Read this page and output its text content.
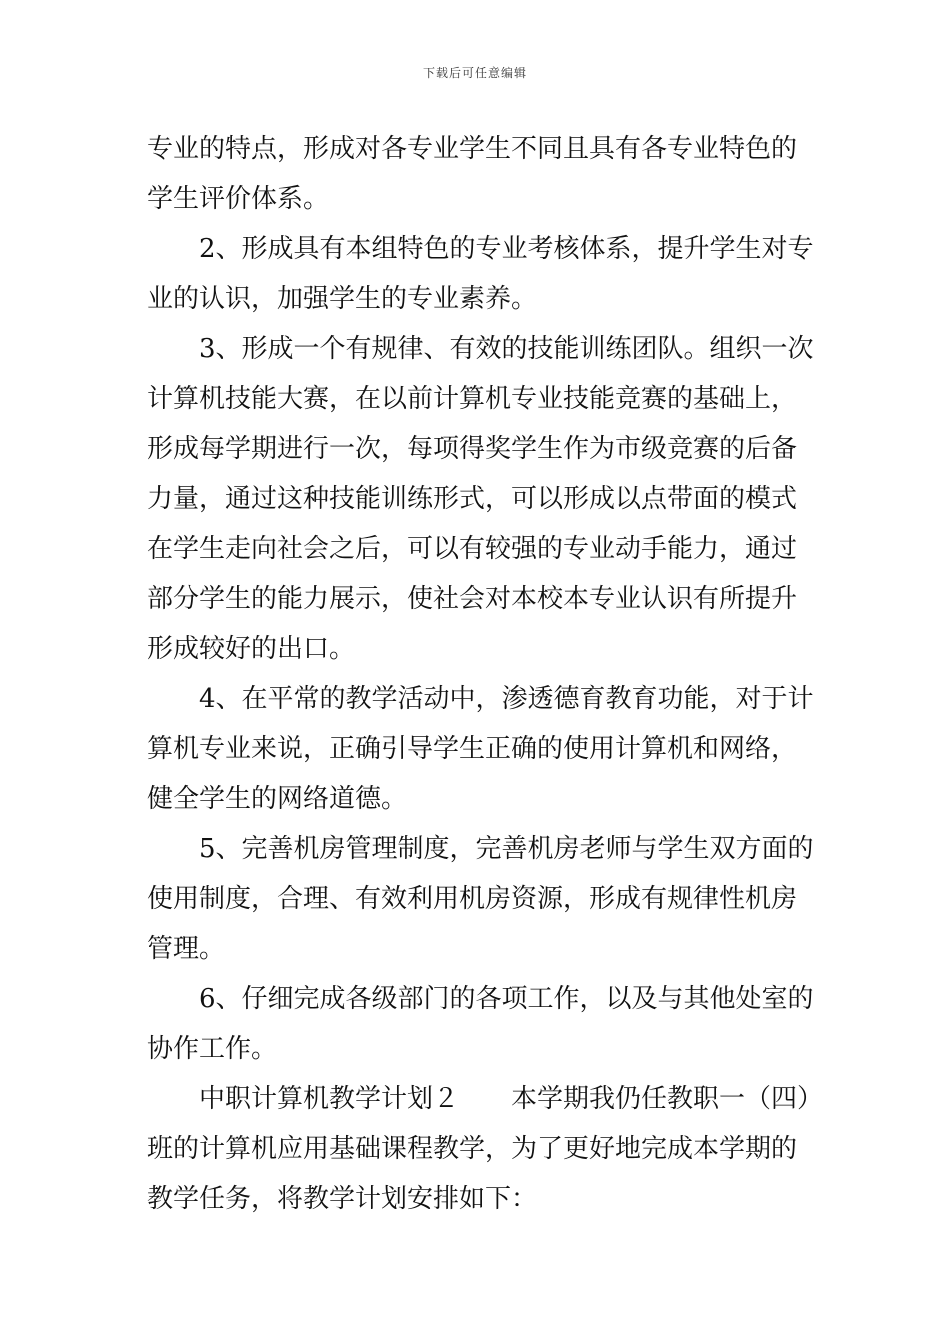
下载后可任意编辑

专业的特点，形成对各专业学生不同且具有各专业特色的

学生评价体系。

2、形成具有本组特色的专业考核体系，提升学生对专

业的认识，加强学生的专业素养。

3、形成一个有规律、有效的技能训练团队。组织一次

计算机技能大赛，在以前计算机专业技能竞赛的基础上，

形成每学期进行一次，每项得奖学生作为市级竞赛的后备

力量，通过这种技能训练形式，可以形成以点带面的模式

在学生走向社会之后，可以有较强的专业动手能力，通过

部分学生的能力展示，使社会对本校本专业认识有所提升

形成较好的出口。

4、在平常的教学活动中，渗透德育教育功能，对于计

算机专业来说，正确引导学生正确的使用计算机和网络，

健全学生的网络道德。

5、完善机房管理制度，完善机房老师与学生双方面的

使用制度，合理、有效利用机房资源，形成有规律性机房

管理。

6、仔细完成各级部门的各项工作，以及与其他处室的

协作工作。

中职计算机教学计划２　　本学期我仍任教职一（四）

班的计算机应用基础课程教学，为了更好地完成本学期的

教学任务，将教学计划安排如下：
